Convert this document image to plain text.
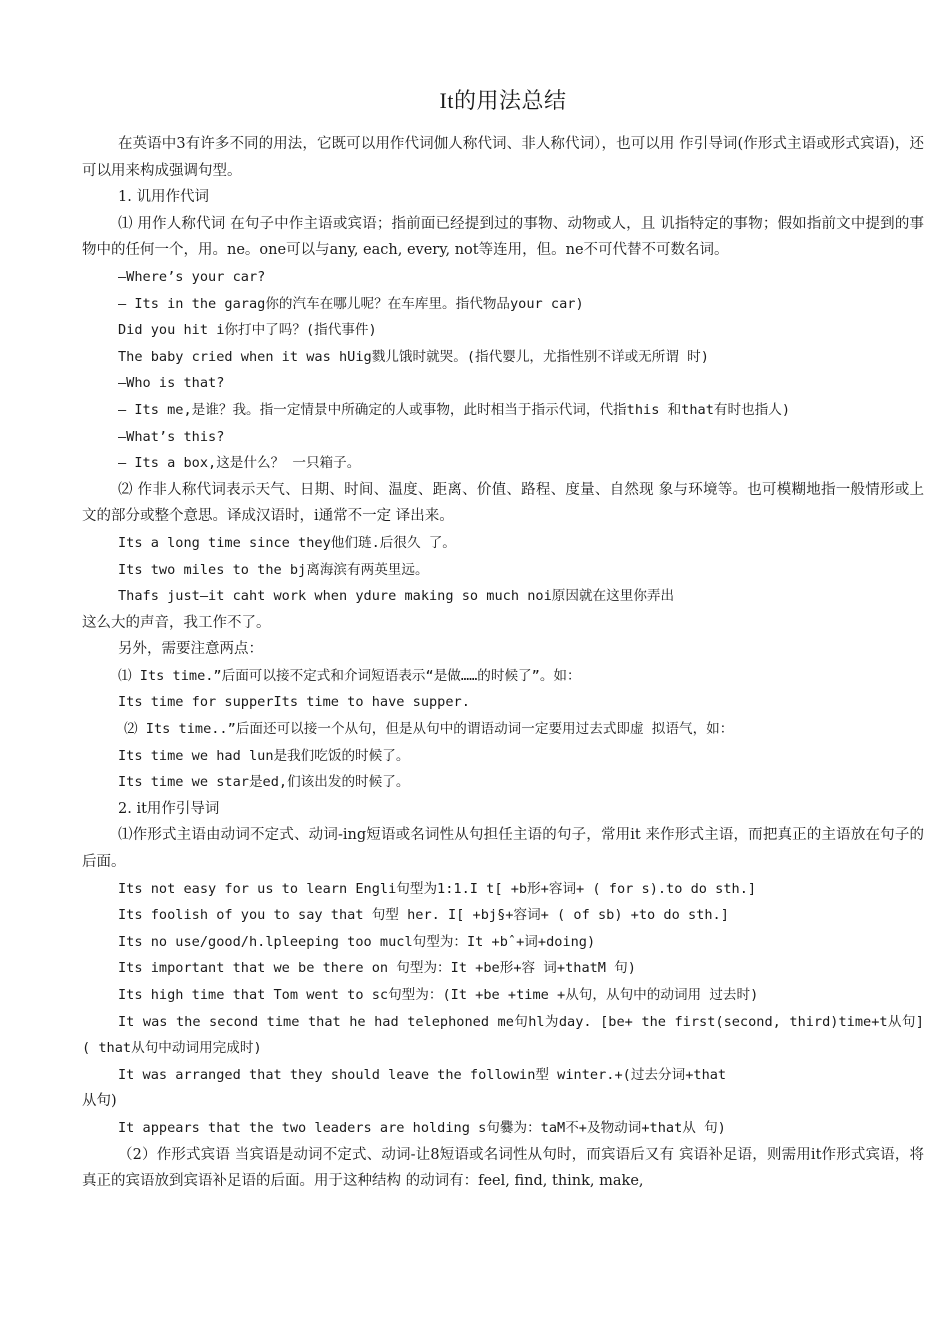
It的用法总结

在英语中3有许多不同的用法，它既可以用作代词伽人称代词、非人称代词），也可以用 作引导词(作形式主语或形式宾语)，还可以用来构成强调句型。

1. 讥用作代词

⑴ 用作人称代词 在句子中作主语或宾语；指前面已经提到过的事物、动物或人，且 讥指特定的事物；假如指前文中提到的事物中的任何一个，用。ne。one可以与any, each, every, not等连用，但。ne不可代替不可数名词。

—Where’s your car?

— Its in the garag你的汽车在哪儿呢？在车库里。指代物品your car)

Did you hit i你打中了吗？(指代事件)

The baby cried when it was hUig戮儿饿时就哭。(指代婴儿，尤指性别不详或无所谓 时)

—Who is that?

— Its me,是谁？我。指一定情景中所确定的人或事物，此时相当于指示代词，代指this 和that有时也指人)

—What’s this?

— Its a box,这是什么？ 一只箱子。

⑵ 作非人称代词表示天气、日期、时间、温度、距离、价值、路程、度量、自然现 象与环境等。也可模糊地指一般情形或上文的部分或整个意思。译成汉语时，i通常不一定 译出来。

Its a long time since they他们琏.后很久 了。

Its two miles to the bj离海滨有两英里远。

Thafs just—it caht work when ydure making so much noi原因就在这里你弄出

这么大的声音，我工作不了。

另外，需要注意两点：

⑴ Its time.”后面可以接不定式和介词短语表示“是做……的时候了”。如：

Its time for supperIts time to have supper.

⑵ Its time..”后面还可以接一个从句，但是从句中的谓语动词一定要用过去式即虚 拟语气，如：

Its time we had lun是我们吃饭的时候了。

Its time we star是ed,们该出发的时候了。

2. it用作引导词

⑴作形式主语由动词不定式、动词-ing短语或名词性从句担任主语的句子，常用it 来作形式主语，而把真正的主语放在句子的后面。

Its not easy for us to learn Engli句型为1:1.I t[ +b形+容词+ ( for s).to do sth.]

Its foolish of you to say that 句型 her. I[ +bj§+容词+ ( of sb) +to do sth.]

Its no use/good/h.lpleeping too mucl句型为：It +bˆ+词+doing)

Its important that we be there on 句型为：It +be形+容 词+thatM 句)

Its high time that Tom went to sc句型为：(It +be +time +从句，从句中的动词用 过去时)

It was the second time that he had telephoned me句hl为day. [be+ the first(second, third)time+t从句] ( that从句中动词用完成时)

It was arranged that they should leave the followin型 winter.+(过去分词+that

从句)

It appears that the two leaders are holding s句爨为：taM不+及物动词+that从 句)

（2）作形式宾语 当宾语是动词不定式、动词-让8短语或名词性从句时，而宾语后又有 宾语补足语，则需用it作形式宾语，将真正的宾语放到宾语补足语的后面。用于这种结构 的动词有：feel, find, think, make,
